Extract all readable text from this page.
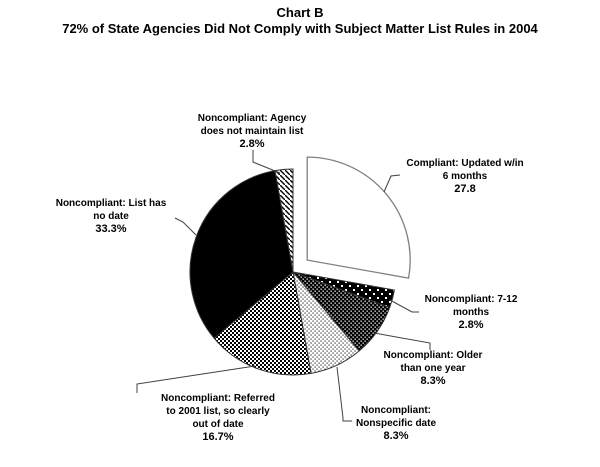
Chart B
72% of State Agencies Did Not Comply with Subject Matter List Rules in 2004
Compliant: Updated w/in
6 months
27.8
Noncompliant: 7-12
months
2.8%
Noncompliant: Older
than one year
8.3%
Noncompliant:
Nonspecific date
8.3%
Noncompliant: Referred
to 2001 list, so clearly
out of date
16.7%
Noncompliant: List has
no date
33.3%
Noncompliant: Agency
does not maintain list
2.8%
